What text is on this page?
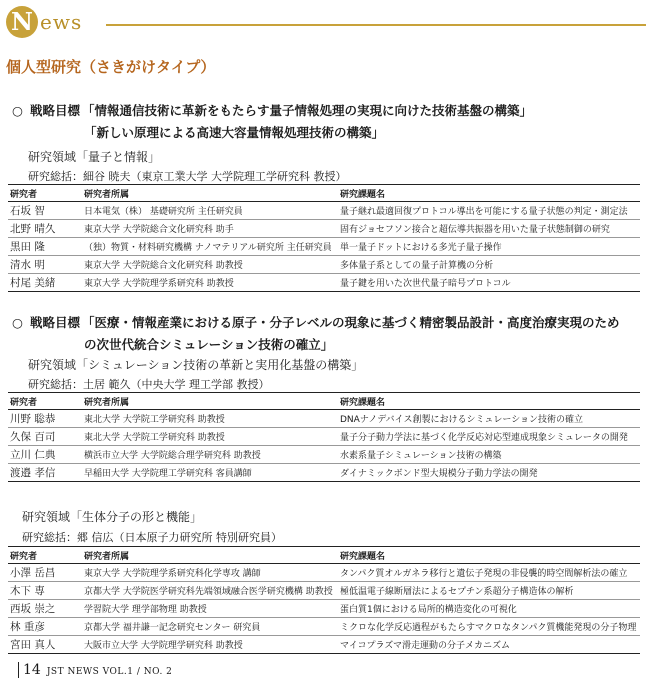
N ews
個人型研究（さきがけタイプ）
○ 戦略目標 「情報通信技術に革新をもたらす量子情報処理の実現に向けた技術基盤の構築」
「新しい原理による高速大容量情報処理技術の構築」
研究領域「量子と情報」
研究総括：細谷 暁夫（東京工業大学 大学院理工学研究科 教授）
研究者	研究者所属	研究課題名
石坂 智	日本電気（株） 基礎研究所 主任研究員	量子継れ最適回復プロトコル導出を可能にする量子状態の判定・測定法
北野 晴久	東京大学 大学院総合文化研究科 助手	固有ジョセフソン接合と超伝導共振器を用いた量子状態制御の研究
黒田 隆	（独）物質・材料研究機構 ナノマテリアル研究所 主任研究員	単一量子ドットにおける多光子量子操作
清水 明	東京大学 大学院総合文化研究科 助教授	多体量子系としての量子計算機の分析
村尾 美緒	東京大学 大学院理学系研究科 助教授	量子鍵を用いた次世代量子暗号プロトコル
○ 戦略目標 「医療・情報産業における原子・分子レベルの現象に基づく精密製品設計・高度治療実現のため
の次世代統合シミュレーション技術の確立」
研究領域「シミュレーション技術の革新と実用化基盤の構築」
研究総括：土居 範久（中央大学 理工学部 教授）
研究者	研究者所属	研究課題名
川野 聡恭	東北大学 大学院工学研究科 助教授	DNAナノデバイス創製におけるシミュレーション技術の確立
久保 百司	東北大学 大学院工学研究科 助教授	量子分子動力学法に基づく化学反応対応型連成現象シミュレータの開発
立川 仁典	横浜市立大学 大学院総合理学研究科 助教授	水素系量子シミュレーション技術の構築
渡邉 孝信	早稲田大学 大学院理工学研究科 客員講師	ダイナミックボンド型大規模分子動力学法の開発
研究領域「生体分子の形と機能」
研究総括：郷 信広（日本原子力研究所 特別研究員）
研究者	研究者所属	研究課題名
小澤 岳昌	東京大学 大学院理学系研究科化学専攻 講師	タンパク質オルガネラ移行と遺伝子発現の非侵襲的時空間解析法の確立
木下 専	京都大学 大学院医学研究科先端領域融合医学研究機構 助教授	極低温電子線断層法によるセプチン系超分子構造体の解析
西坂 崇之	学習院大学 理学部物理 助教授	蛋白質1個における局所的構造変化の可視化
林 重彦	京都大学 福井謙一記念研究センター 研究員	ミクロな化学反応過程がもたらすマクロなタンパク質機能発現の分子物理
宮田 真人	大阪市立大学 大学院理学研究科 助教授	マイコプラズマ滑走運動の分子メカニズム
14 JST NEWS VOL.1 / NO. 2
